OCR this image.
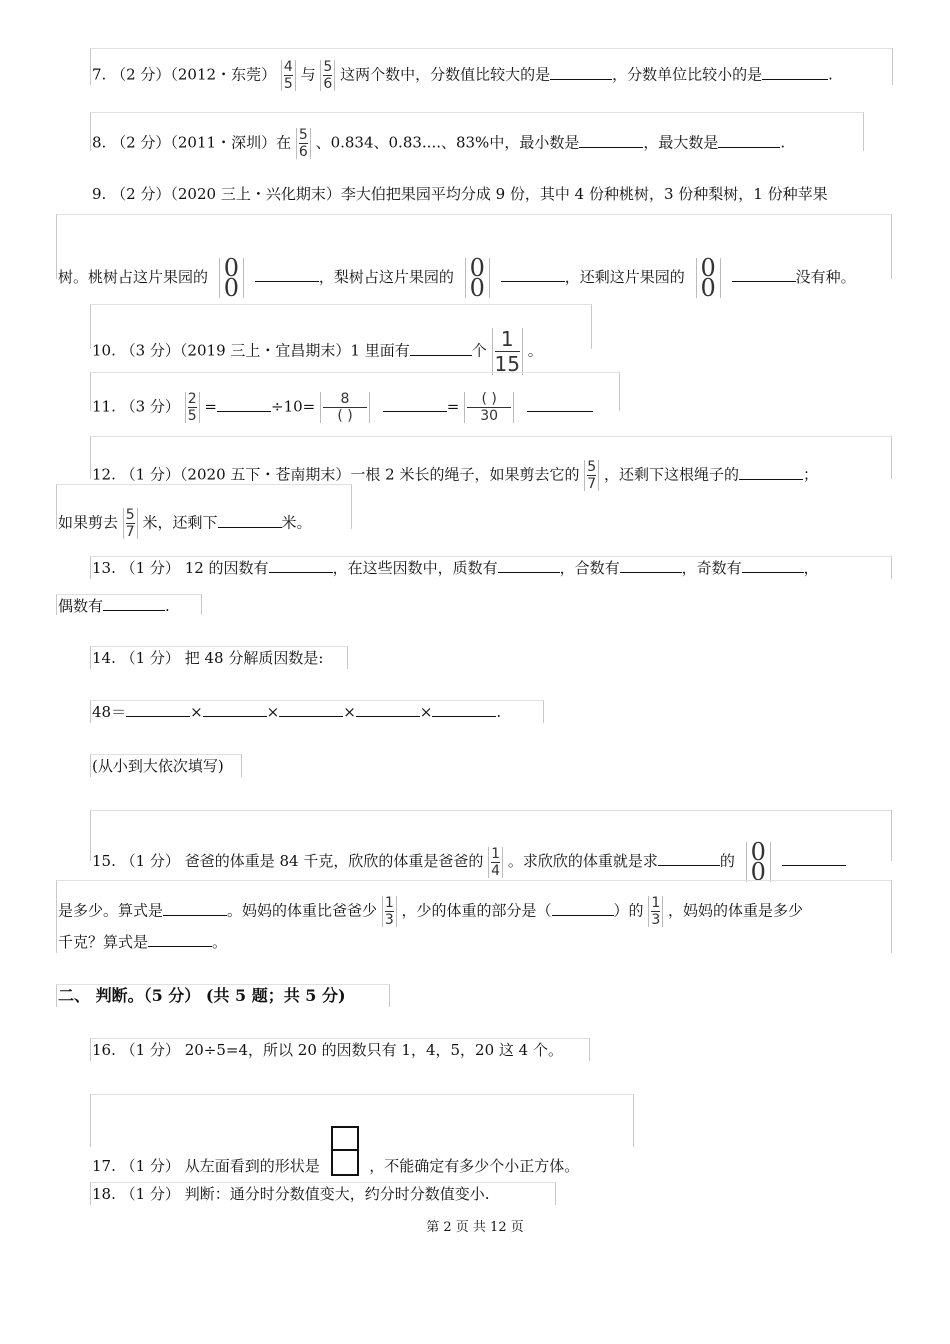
7. （2 分）（2012・东莞） $\frac{4}{5}$ 与 $\frac{5}{6}$ 这两个数中，分数值比较大的是	，分数单位比较小的是	.
8. （2 分）（2011・深圳）在 $\frac{5}{6}$ 、0.834、0.83....、83%中，最小数是	，最大数是	.
9. （2 分）（2020 三上・兴化期末）李大伯把果园平均分成 9 份，其中 4 份种桃树，3 份种梨树，1 份种苹果
树。桃树占这片果园的 0
0	，梨树占这片果园的 0
0	，还剩这片果园的 0
0	没有种。
10. （3 分）（2019 三上・宜昌期末）1 里面有	个 $\frac{1}{15}$ 。
11. （3 分） $\frac{2}{5}$ =	$\div 10= \frac{8}{( )}$	= $\frac{( )}{30}$

12. （1 分）（2020 五下・苍南期末）一根 2 米长的绳子，如果剪去它的 $\frac{5}{7}$ ，还剩下这根绳子的	；
如果剪去 $\frac{5}{7}$ 米，还剩下	米。
13. （1 分） 12 的因数有	，在这些因数中，质数有	，合数有	，奇数有	，
偶数有	.
14. （1 分） 把 48 分解质因数是:
48＝	×	×	×	×	.
(从小到大依次填写)
15. （1 分） 爸爸的体重是 84 千克，欣欣的体重是爸爸的 $\frac{1}{4}$ 。求欣欣的体重就是求	的 0
0
是多少。算式是	。妈妈的体重比爸爸少 $\frac{1}{3}$ ，少的体重的部分是（	）的 $\frac{1}{3}$ ，妈妈的体重是多少
千克？算式是	。
二、 判断。（5 分） (共 5 题；共 5 分)
16. （1 分） 20÷5=4，所以 20 的因数只有 1，4，5，20 这 4 个。
17. （1 分） 从左面看到的形状是	，不能确定有多少个小正方体。
18. （1 分） 判断：通分时分数值变大，约分时分数值变小.
第 2 页 共 12 页
